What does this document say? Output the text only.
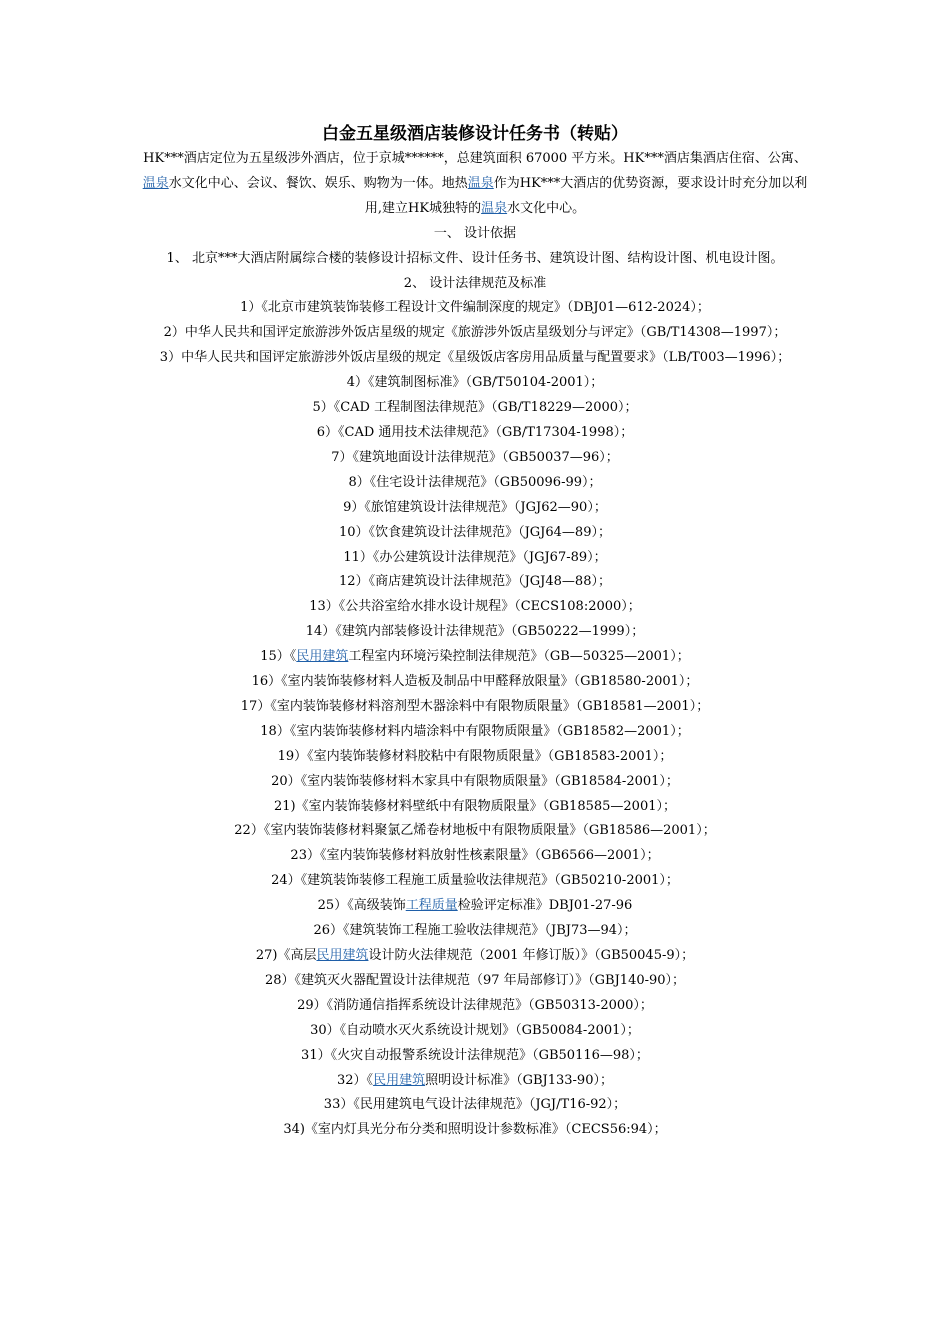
白金五星级酒店装修设计任务书（转贴）

HK***酒店定位为五星级涉外酒店，位于京城******，总建筑面积 67000 平方米。HK***酒店集酒店住宿、公寓、温泉水文化中心、会议、餐饮、娱乐、购物为一体。地热温泉作为HK***大酒店的优势资源，要求设计时充分加以利用,建立HK城独特的温泉水文化中心。

一、 设计依据

1、 北京***大酒店附属综合楼的装修设计招标文件、设计任务书、建筑设计图、结构设计图、机电设计图。

2、 设计法律规范及标准

1）《北京市建筑装饰装修工程设计文件编制深度的规定》（DBJ01—612-2024）；

2）中华人民共和国评定旅游涉外饭店星级的规定《旅游涉外饭店星级划分与评定》（GB/T14308—1997）；

3）中华人民共和国评定旅游涉外饭店星级的规定《星级饭店客房用品质量与配置要求》（LB/T003—1996）；

4）《建筑制图标准》（GB/T50104-2001）；

5）《CAD 工程制图法律规范》（GB/T18229—2000）；

6）《CAD 通用技术法律规范》（GB/T17304-1998）；

7）《建筑地面设计法律规范》（GB50037—96）；

8）《住宅设计法律规范》（GB50096-99）；

9）《旅馆建筑设计法律规范》（JGJ62—90）；

10）《饮食建筑设计法律规范》（JGJ64—89）；

11）《办公建筑设计法律规范》（JGJ67-89）；

12）《商店建筑设计法律规范》（JGJ48—88）；

13）《公共浴室给水排水设计规程》（CECS108:2000）；

14）《建筑内部装修设计法律规范》（GB50222—1999）；

15）《民用建筑工程室内环境污染控制法律规范》（GB—50325—2001）；

16）《室内装饰装修材料人造板及制品中甲醛释放限量》（GB18580-2001）；

17）《室内装饰装修材料溶剂型木器涂料中有限物质限量》（GB18581—2001）；

18）《室内装饰装修材料内墙涂料中有限物质限量》（GB18582—2001）；

19）《室内装饰装修材料胶粘中有限物质限量》（GB18583-2001）；

20）《室内装饰装修材料木家具中有限物质限量》（GB18584-2001）；

21)《室内装饰装修材料壁纸中有限物质限量》（GB18585—2001）；

22）《室内装饰装修材料聚氯乙烯卷材地板中有限物质限量》（GB18586—2001）；

23）《室内装饰装修材料放射性核素限量》（GB6566—2001）；

24）《建筑装饰装修工程施工质量验收法律规范》（GB50210-2001）；

25）《高级装饰工程质量检验评定标准》DBJ01-27-96

26）《建筑装饰工程施工验收法律规范》（JBJ73—94）；

27)《高层民用建筑设计防火法律规范（2001 年修订版）》（GB50045-9）；

28）《建筑灭火器配置设计法律规范（97 年局部修订）》（GBJ140-90）；

29）《消防通信指挥系统设计法律规范》（GB50313-2000）；

30）《自动喷水灭火系统设计规划》（GB50084-2001）；

31）《火灾自动报警系统设计法律规范》（GB50116—98）；

32）《民用建筑照明设计标准》（GBJ133-90）；

33）《民用建筑电气设计法律规范》（JGJ/T16-92）；

34)《室内灯具光分布分类和照明设计参数标准》（CECS56:94）；
